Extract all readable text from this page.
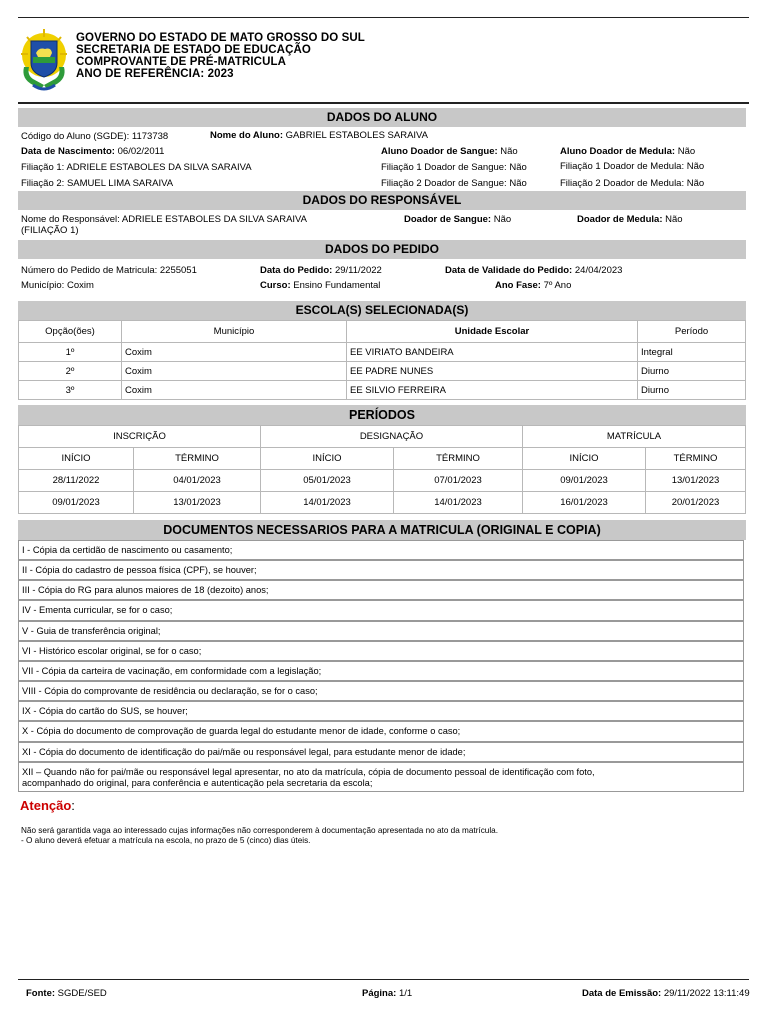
GOVERNO DO ESTADO DE MATO GROSSO DO SUL
SECRETARIA DE ESTADO DE EDUCAÇÃO
COMPROVANTE DE PRÉ-MATRICULA
ANO DE REFERÊNCIA: 2023
DADOS DO ALUNO
Código do Aluno (SGDE): 1173738	Nome do Aluno: GABRIEL ESTABOLES SARAIVA
Data de Nascimento: 06/02/2011	Aluno Doador de Sangue: Não	Aluno Doador de Medula: Não
Filiação 1: ADRIELE ESTABOLES DA SILVA SARAIVA	Filiação 1 Doador de Sangue: Não	Filiação 1 Doador de Medula: Não
Filiação 2: SAMUEL LIMA SARAIVA	Filiação 2 Doador de Sangue: Não	Filiação 2 Doador de Medula: Não
DADOS DO RESPONSÁVEL
Nome do Responsável: ADRIELE ESTABOLES DA SILVA SARAIVA
(FILIAÇÃO 1)
Doador de Sangue: Não	Doador de Medula: Não
DADOS DO PEDIDO
Número do Pedido de Matricula: 2255051	Data do Pedido: 29/11/2022	Data de Validade do Pedido: 24/04/2023
Município: Coxim	Curso: Ensino Fundamental	Ano Fase: 7º Ano
ESCOLA(S) SELECIONADA(S)
Opção(ões)	Município	Unidade Escolar	Período
1º	Coxim	EE VIRIATO BANDEIRA	Integral
2º	Coxim	EE PADRE NUNES	Diurno
3º	Coxim	EE SILVIO FERREIRA	Diurno
PERÍODOS
INSCRIÇÃO		DESIGNAÇÃO		MATRÍCULA	
INÍCIO	TÉRMINO	INÍCIO	TÉRMINO	INÍCIO	TÉRMINO
28/11/2022	04/01/2023	05/01/2023	07/01/2023	09/01/2023	13/01/2023
09/01/2023	13/01/2023	14/01/2023	14/01/2023	16/01/2023	20/01/2023
DOCUMENTOS NECESSARIOS PARA A MATRICULA (ORIGINAL E COPIA)
I - Cópia da certidão de nascimento ou casamento;
II - Cópia do cadastro de pessoa física (CPF), se houver;
III - Cópia do RG para alunos maiores de 18 (dezoito) anos;
IV - Ementa curricular, se for o caso;
V - Guia de transferência original;
VI - Histórico escolar original, se for o caso;
VII - Cópia da carteira de vacinação, em conformidade com a legislação;
VIII - Cópia do comprovante de residência ou declaração, se for o caso;
IX - Cópia do cartão do SUS, se houver;
X - Cópia do documento de comprovação de guarda legal do estudante menor de idade, conforme o caso;
XI - Cópia do documento de identificação do pai/mãe ou responsável legal, para estudante menor de idade;
XII – Quando não for pai/mãe ou responsável legal apresentar, no ato da matrícula, cópia de documento pessoal de identificação com foto,
acompanhado do original, para conferência e autenticação pela secretaria da escola;
Atenção:
Não será garantida vaga ao interessado cujas informações não corresponderem à documentação apresentada no ato da matrícula.
- O aluno deverá efetuar a matrícula na escola, no prazo de 5 (cinco) dias úteis.
Fonte: SGDE/SED	Página: 1/1	Data de Emissão: 29/11/2022 13:11:49
